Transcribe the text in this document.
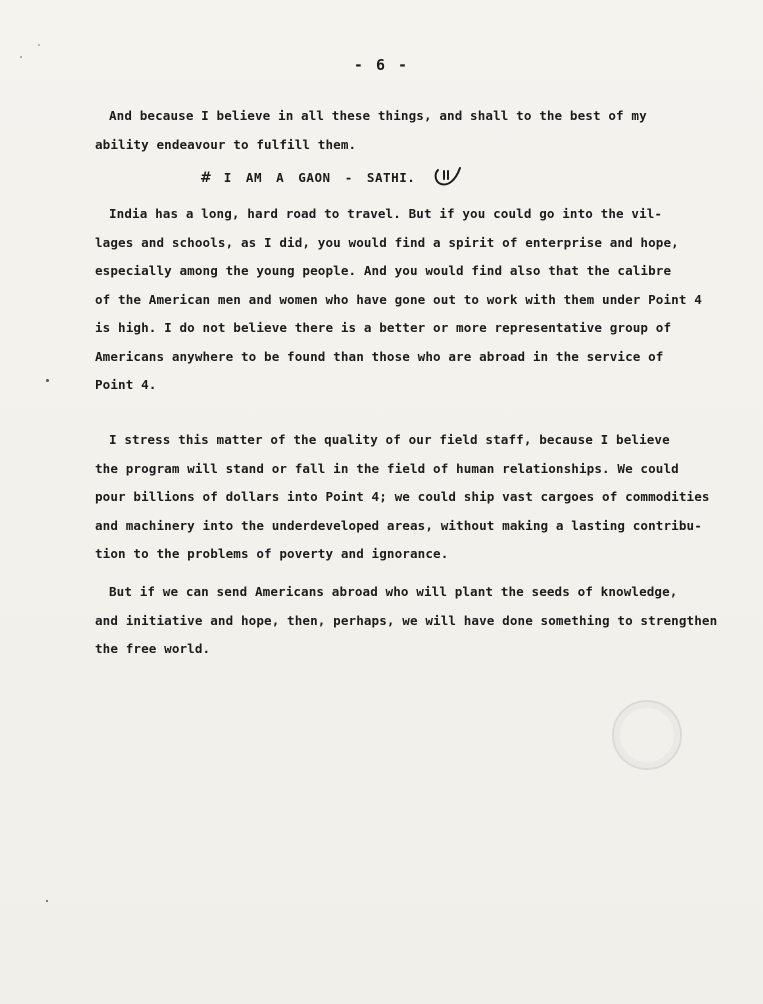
- 6 -
And because I believe in all these things, and shall to the best of my
ability endeavour to fulfill them.
# I AM A GAON - SATHI.
India has a long, hard road to travel. But if you could go into the vil-
lages and schools, as I did, you would find a spirit of enterprise and hope,
especially among the young people. And you would find also that the calibre
of the American men and women who have gone out to work with them under Point 4
is high. I do not believe there is a better or more representative group of
Americans anywhere to be found than those who are abroad in the service of
Point 4.
I stress this matter of the quality of our field staff, because I believe
the program will stand or fall in the field of human relationships. We could
pour billions of dollars into Point 4; we could ship vast cargoes of commodities
and machinery into the underdeveloped areas, without making a lasting contribu-
tion to the problems of poverty and ignorance.
But if we can send Americans abroad who will plant the seeds of knowledge,
and initiative and hope, then, perhaps, we will have done something to strengthen
the free world.
